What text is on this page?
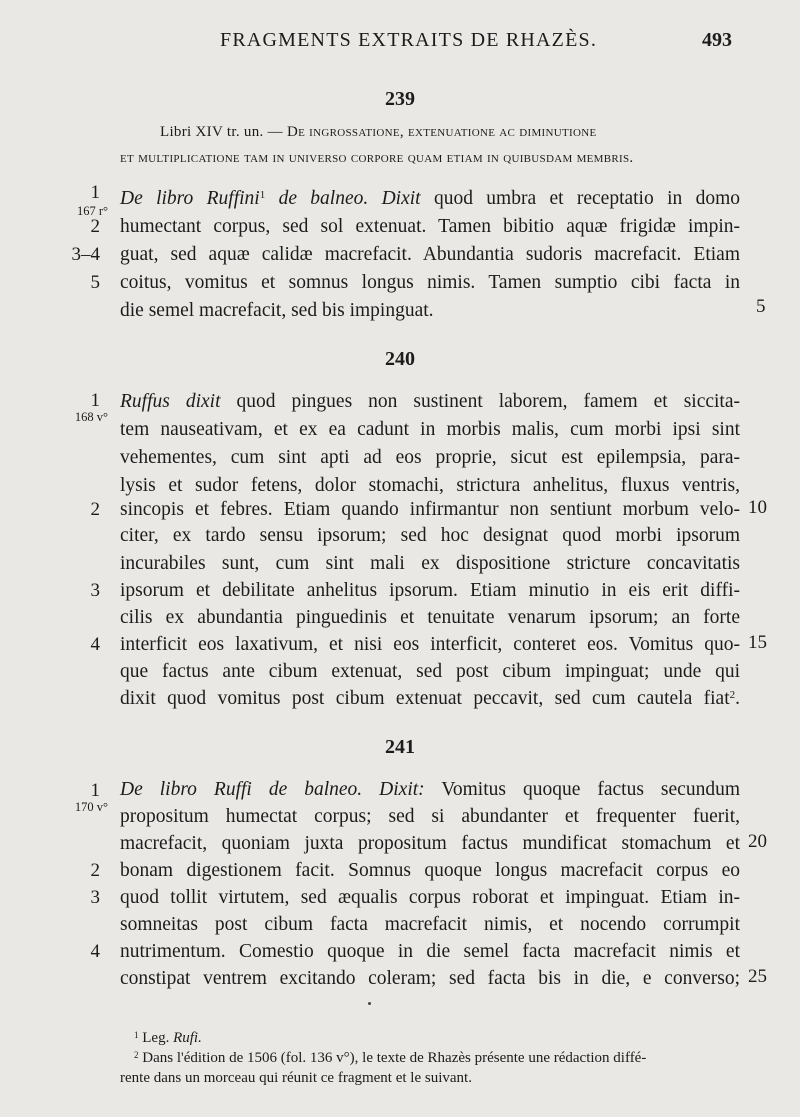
FRAGMENTS EXTRAITS DE RHAZÈS.	493
239
Libri XIV tr. un. — De ingrossatione, extenuatione ac diminutione
et multiplicatione tam in universo corpore quam etiam in quibusdam membris.
1
167 r°
De libro Ruffini$^1$ de balneo. Dixit quod umbra et receptatio in domo
2 humectant corpus, sed sol extenuat. Tamen bibitio aquæ frigidæ impin-
3–4 guat, sed aquæ calidæ macrefacit. Abundantia sudoris macrefacit. Etiam
5 coitus, vomitus et somnus longus nimis. Tamen sumptio cibi facta in
die semel macrefacit, sed bis impinguat.	5
240
1
168 v°
Ruffus dixit quod pingues non sustinent laborem, famem et siccita-
tem nauseativam, et ex ea cadunt in morbis malis, cum morbi ipsi sint
vehementes, cum sint apti ad eos proprie, sicut est epilempsia, para-
lysis et sudor fetens, dolor stomachi, strictura anhelitus, fluxus ventris,
2 sincopis et febres. Etiam quando infirmantur non sentiunt morbum velo- 10
citer, ex tardo sensu ipsorum; sed hoc designat quod morbi ipsorum
incurabiles sunt, cum sint mali ex dispositione stricture concavitatis
3 ipsorum et debilitate anhelitus ipsorum. Etiam minutio in eis erit diffi-
cilis ex abundantia pinguedinis et tenuitate venarum ipsorum; an forte
4 interficit eos laxativum, et nisi eos interficit, conteret eos. Vomitus quo- 15
que factus ante cibum extenuat, sed post cibum impinguat; unde qui
dixit quod vomitus post cibum extenuat peccavit, sed cum cautela fiat$^2$.
241
1
170 v°
De libro Ruffi de balneo. Dixit: Vomitus quoque factus secundum
propositum humectat corpus; sed si abundanter et frequenter fuerit,
macrefacit, quoniam juxta propositum factus mundificat stomachum et 20
2 bonam digestionem facit. Somnus quoque longus macrefacit corpus eo
3 quod tollit virtutem, sed æqualis corpus roborat et impinguat. Etiam in-
somneitas post cibum facta macrefacit nimis, et nocendo corrumpit
4 nutrimentum. Comestio quoque in die semel facta macrefacit nimis et
constipat ventrem excitando coleram; sed facta bis in die, e converso; 25
$^1$ Leg. Rufi.
$^2$ Dans l'édition de 1506 (fol. 136 v°), le texte de Rhazès présente une rédaction diffé-
rente dans un morceau qui réunit ce fragment et le suivant.
